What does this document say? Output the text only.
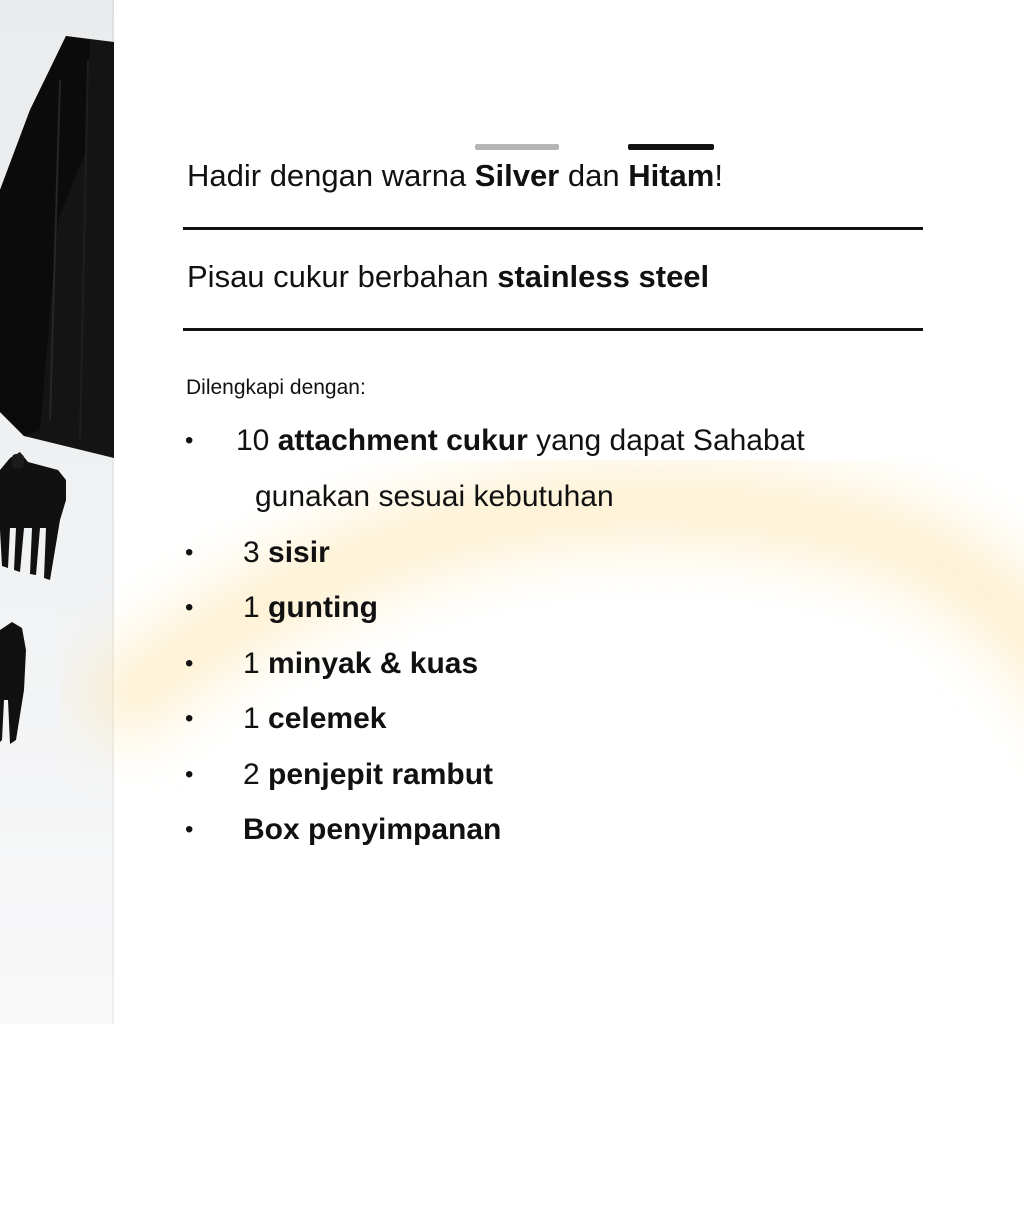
Hadir dengan warna
Silver dan
Hitam!
Pisau cukur berbahan stainless steel
Dilengkapi dengan:
• 10 attachment cukur yang dapat Sahabat
gunakan sesuai kebutuhan
• 3 sisir
• 1 gunting
• 1 minyak & kuas
• 1 celemek
• 2 penjepit rambut
• Box penyimpanan
